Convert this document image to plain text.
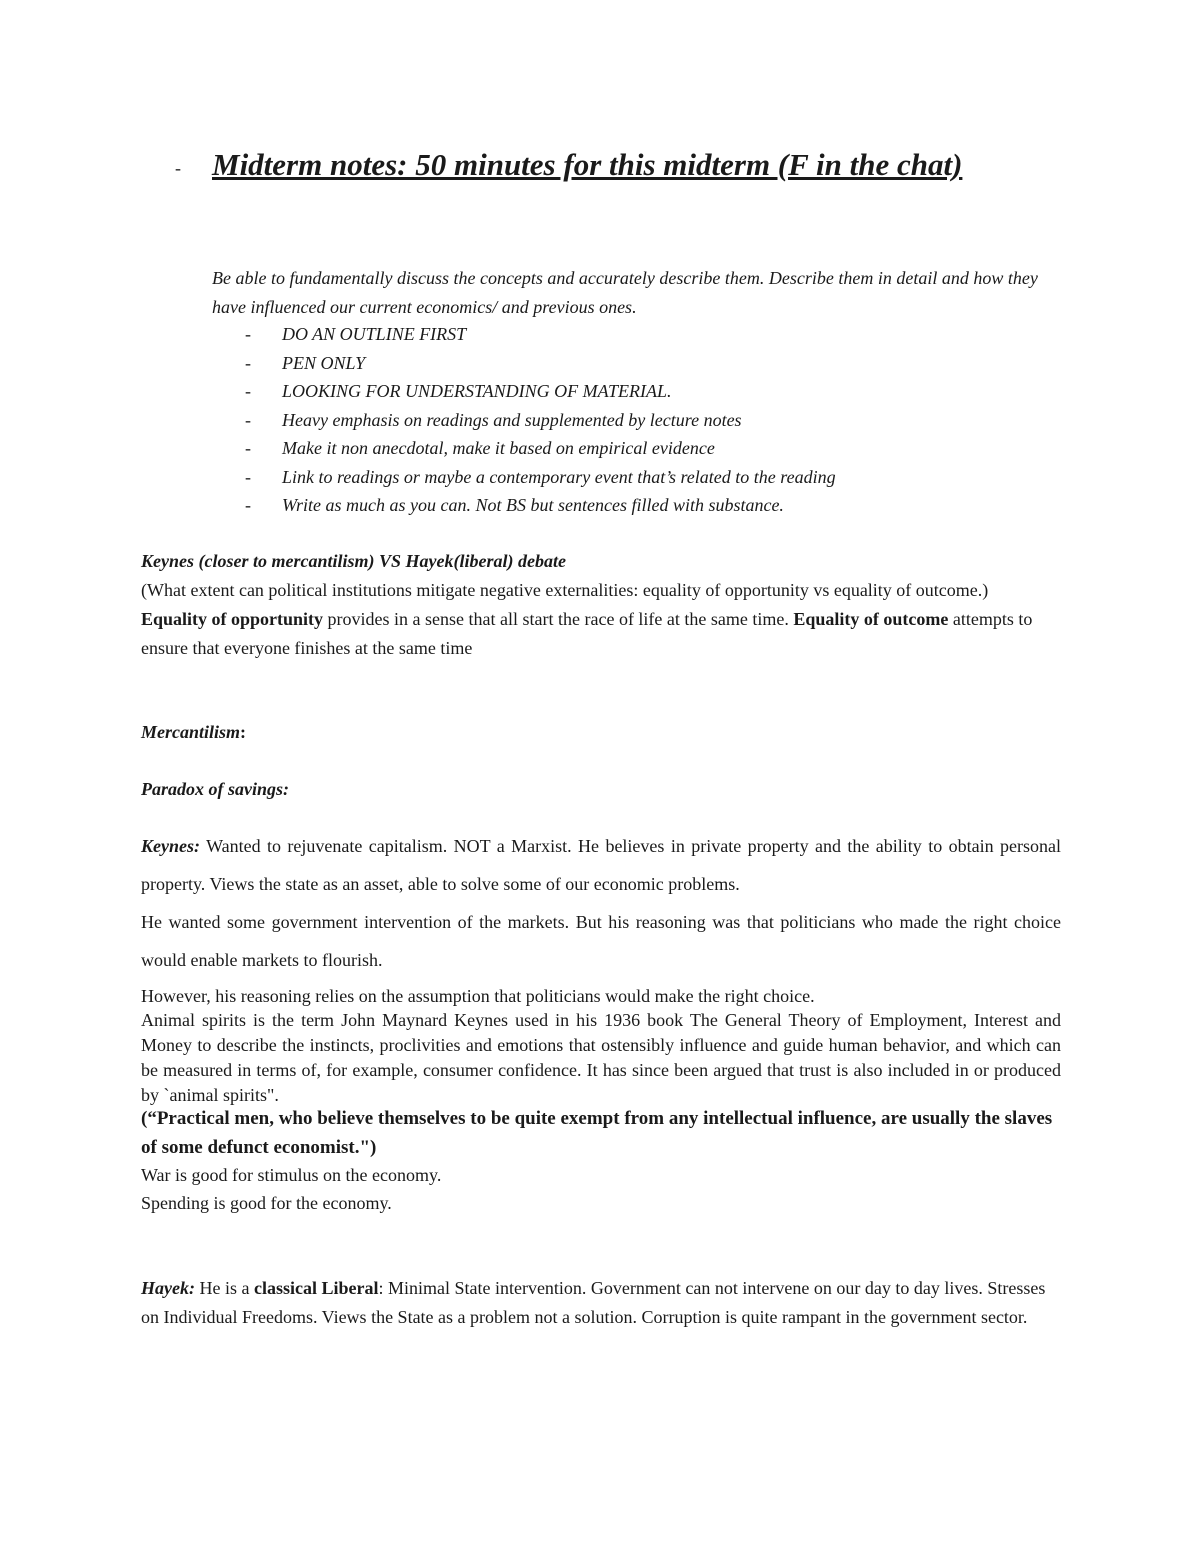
- Midterm notes: 50 minutes for this midterm (F in the chat)
Be able to fundamentally discuss the concepts and accurately describe them. Describe them in detail and how they have influenced our current economics/ and previous ones.
- DO AN OUTLINE FIRST
- PEN ONLY
- LOOKING FOR UNDERSTANDING OF MATERIAL.
- Heavy emphasis on readings and supplemented by lecture notes
- Make it non anecdotal, make it based on empirical evidence
- Link to readings or maybe a contemporary event that’s related to the reading
- Write as much as you can. Not BS but sentences filled with substance.
Keynes (closer to mercantilism) VS Hayek(liberal) debate
(What extent can political institutions mitigate negative externalities: equality of opportunity vs equality of outcome.)
Equality of opportunity provides in a sense that all start the race of life at the same time. Equality of outcome attempts to ensure that everyone finishes at the same time
Mercantilism:
Paradox of savings:
Keynes: Wanted to rejuvenate capitalism. NOT a Marxist. He believes in private property and the ability to obtain personal property. Views the state as an asset, able to solve some of our economic problems.
He wanted some government intervention of the markets. But his reasoning was that politicians who made the right choice would enable markets to flourish.
However, his reasoning relies on the assumption that politicians would make the right choice.
Animal spirits is the term John Maynard Keynes used in his 1936 book The General Theory of Employment, Interest and Money to describe the instincts, proclivities and emotions that ostensibly influence and guide human behavior, and which can be measured in terms of, for example, consumer confidence. It has since been argued that trust is also included in or produced by `animal spirits".
(“Practical men, who believe themselves to be quite exempt from any intellectual influence, are usually the slaves of some defunct economist.")
War is good for stimulus on the economy.
Spending is good for the economy.
Hayek: He is a classical Liberal: Minimal State intervention. Government can not intervene on our day to day lives. Stresses on Individual Freedoms. Views the State as a problem not a solution. Corruption is quite rampant in the government sector.
